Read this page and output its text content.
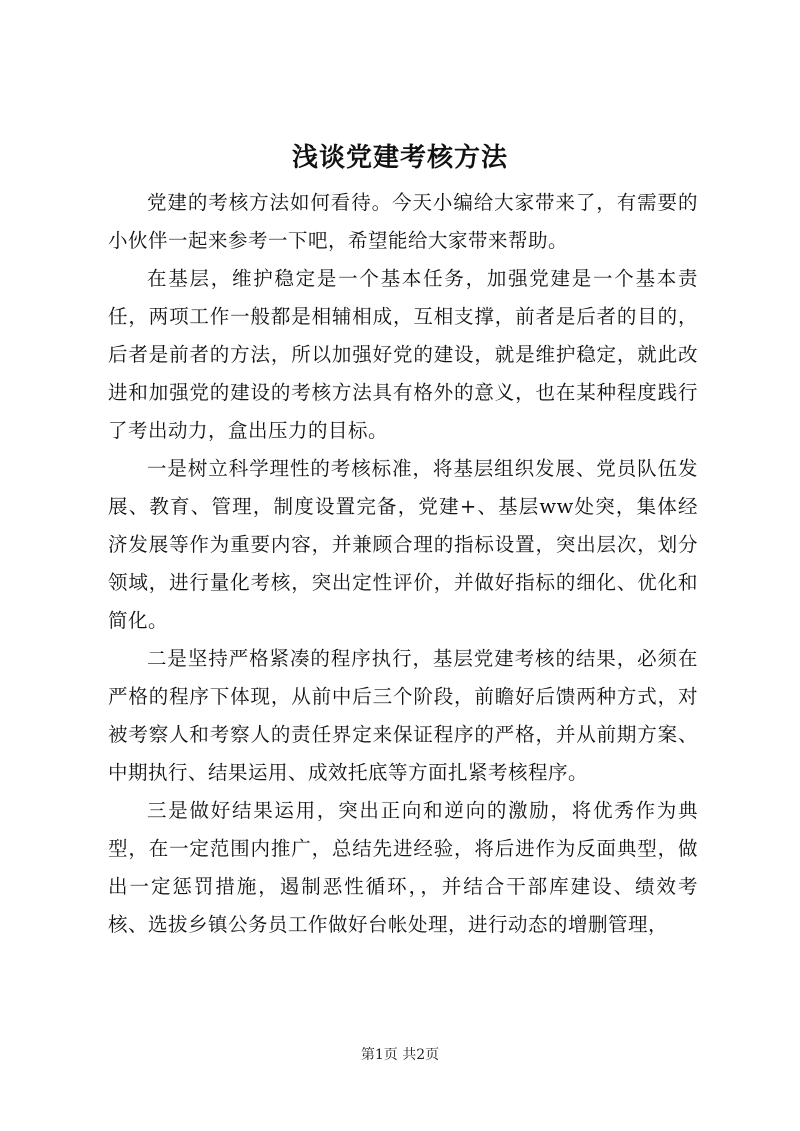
浅谈党建考核方法

党建的考核方法如何看待。今天小编给大家带来了，有需要的小伙伴一起来参考一下吧，希望能给大家带来帮助。

在基层，维护稳定是一个基本任务，加强党建是一个基本责任，两项工作一般都是相辅相成，互相支撑，前者是后者的目的，后者是前者的方法，所以加强好党的建设，就是维护稳定，就此改进和加强党的建设的考核方法具有格外的意义，也在某种程度践行了考出动力，盒出压力的目标。

一是树立科学理性的考核标准，将基层组织发展、党员队伍发展、教育、管理，制度设置完备，党建+、基层ww处突，集体经济发展等作为重要内容，并兼顾合理的指标设置，突出层次，划分领域，进行量化考核，突出定性评价，并做好指标的细化、优化和简化。

二是坚持严格紧凑的程序执行，基层党建考核的结果，必须在严格的程序下体现，从前中后三个阶段，前瞻好后馈两种方式，对被考察人和考察人的责任界定来保证程序的严格，并从前期方案、中期执行、结果运用、成效托底等方面扎紧考核程序。

三是做好结果运用，突出正向和逆向的激励，将优秀作为典型，在一定范围内推广，总结先进经验，将后进作为反面典型，做出一定惩罚措施，遏制恶性循环，，并结合干部库建设、绩效考核、选拔乡镇公务员工作做好台帐处理，进行动态的增删管理，

第1页 共2页
